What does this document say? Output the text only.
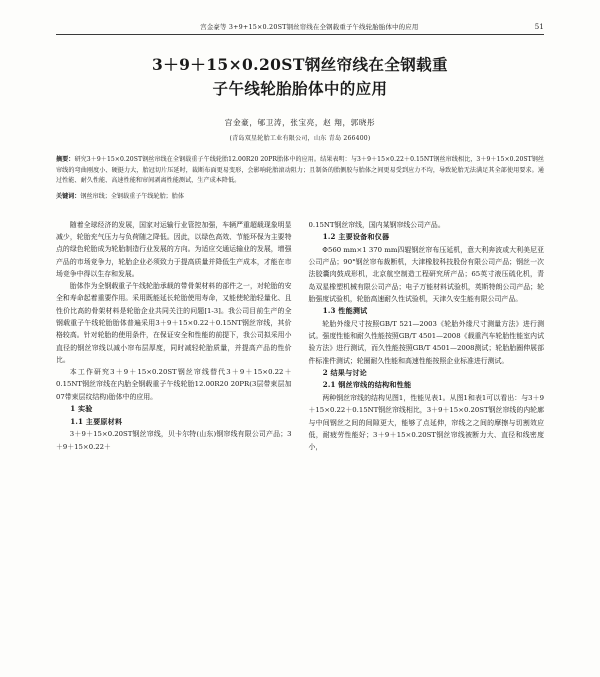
宫金豪等 3+9+15×0.20ST钢丝帘线在全钢载重子午线轮胎胎体中的应用	51
3＋9＋15×0.20ST钢丝帘线在全钢载重
子午线轮胎胎体中的应用
宫金豪，郇卫涛，张宝亮，赵 翔，郭晓彤
(青岛双星轮胎工业有限公司，山东 青岛 266400)
摘要：研究3＋9＋15×0.20ST钢丝帘线在全钢载重子午线轮胎12.00R20 20PR胎体中的应用。结果表明：与3＋9＋15×0.22＋0.15NT钢丝帘线相比，3＋9＋15×0.20ST钢丝帘线的弯曲刚度小、硬挺力大，胎冠切片压延时，裁断布面更易变形，会影响轮胎滚动阻力；且制备的胎侧胶与胎体之间更易受到应力不均，导致轮胎无法满足其全部使用要求。通过性能、耐久性能、高速性能和帘间剥离性能测试，生产成本降低。
关键词：钢丝帘线；全钢载重子午线轮胎；胎体

随着全球经济的发展，国家对运输行业管控加强，车辆严重超载现象明显减少，轮胎充气压力与负荷随之降低。因此，以绿色高效、节能环保为主要特点的绿色轮胎成为轮胎制造行业发展的方向。为适应交通运输业的发展，增强产品的市场竞争力，轮胎企业必须致力于提高质量并降低生产成本，才能在市场竞争中得以生存和发展。

胎体作为全钢载重子午线轮胎承载的带骨架材料的部件之一，对轮胎的安全和寿命起着重要作用。采用既能延长轮胎使用寿命，又能使轮胎轻量化、且性价比高的骨架材料是轮胎企业共同关注的问题[1-3]。我公司目前生产的全钢载重子午线轮胎胎体普遍采用3＋9＋15×0.22＋0.15NT钢丝帘线，其价格较高。针对轮胎的使用条件，在保证安全和性能的前提下，我公司拟采用小直径的钢丝帘线以减小帘布层厚度，同时减轻轮胎质量，并提高产品的性价比。

本工作研究3＋9＋15×0.20ST钢丝帘线替代3＋9＋15×0.22＋0.15NT钢丝帘线在内胎全钢载重子午线轮胎12.00R20 20PR(3层带束层加07带束层纹结构)胎体中的应用。

1 实验

1.1 主要原材料

3＋9＋15×0.20ST钢丝帘线，贝卡尔特(山东)钢帘线有限公司产品；3＋9＋15×0.22＋

0.15NT钢丝帘线，国内某钢帘线公司产品。

1.2 主要设备和仪器

Φ560 mm×1 370 mm四辊钢丝帘布压延机，意大利奔波或大利美尼亚公司产品；90°钢丝帘布裁断机，大津橡胶科技股份有限公司产品；钢丝一次法胶囊肉鼓成形机，北京航空制造工程研究所产品；65英寸液压硫化机，青岛双星橡塑机械有限公司产品；电子万能材料试验机，英斯特朗公司产品；轮胎强度试验机，轮胎高速耐久性试验机，天津久安生能有限公司产品。

1.3 性能测试

轮胎外缘尺寸按照GB/T 521—2003《轮胎外缘尺寸测量方法》进行测试。强度性能和耐久性能按照GB/T 4501—2008《载重汽车轮胎性能室内试验方法》进行测试，而久性能按照GB/T 4501—2008测试；轮胎胎圈伸展部件标准件测试；轮圈耐久性能和高速性能按照企业标准进行测试。

2 结果与讨论

2.1 钢丝帘线的结构和性能

两种钢丝帘线的结构见图1，性能见表1。从图1和表1可以看出：与3＋9＋15×0.22＋0.15NT钢丝帘线相比，3＋9＋15×0.20ST钢丝帘线的内轮廓与中间钢丝之间的间隙更大，能够了点延伸，帘线之之间的摩擦与切割效应低，耐疲劳性能好；3＋9＋15×0.20ST钢丝帘线被断力大、直径和线密度小，
